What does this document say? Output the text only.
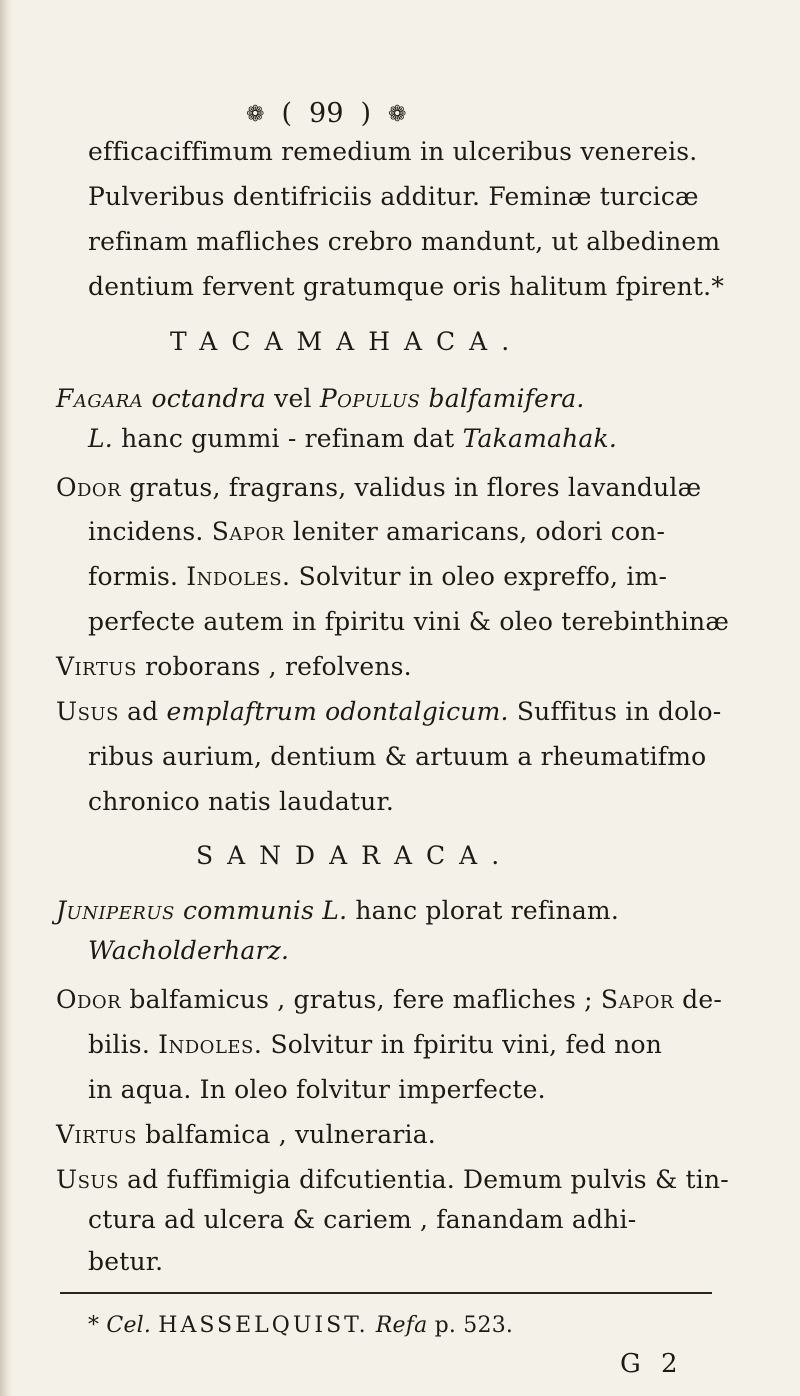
❁ ( 99 ) ❁
efficaciffimum remedium in ulceribus venereis.
Pulveribus dentifriciis additur. Feminæ turcicæ
refinam mafliches crebro mandunt, ut albedinem
dentium fervent gratumque oris halitum fpirent.*
TACAMAHACA.
Fagara octandra vel Populus balfamifera.
L. hanc gummi - refinam dat Takamahak.
Odor gratus, fragrans, validus in flores lavandulæ
incidens. Sapor leniter amaricans, odori con-
formis. Indoles. Solvitur in oleo expreffo, im-
perfecte autem in fpiritu vini & oleo terebinthinæ
Virtus roborans , refolvens.
Usus ad emplaftrum odontalgicum. Suffitus in dolo-
ribus aurium, dentium & artuum a rheumatifmo
chronico natis laudatur.
SANDARACA.
Juniperus communis L. hanc plorat refinam.
Wacholderharz.
Odor balfamicus , gratus, fere mafliches ; Sapor de-
bilis. Indoles. Solvitur in fpiritu vini, fed non
in aqua. In oleo folvitur imperfecte.
Virtus balfamica , vulneraria.
Usus ad fuffimigia difcutientia. Demum pulvis & tin-
ctura ad ulcera & cariem , fanandam adhi-
betur.
* Cel. HASSELQUIST. Refa p. 523.
G 2
